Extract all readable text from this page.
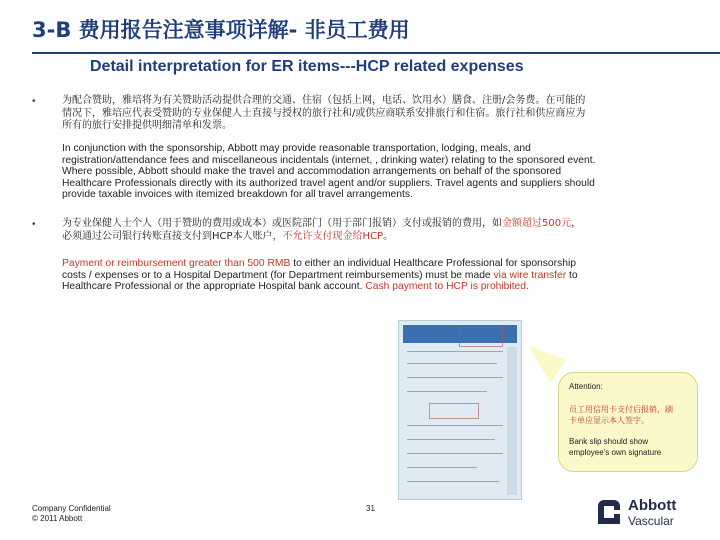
3-B 费用报告注意事项详解- 非员工费用
Detail interpretation for ER items---HCP related expenses
•	为配合赞助，雅培将为有关赞助活动提供合理的交通、住宿（包括上网，电话、饮用水）膳食、注册/会务费。在可能的
情况下，雅培应代表受赞助的专业保健人士直接与授权的旅行社和/或供应商联系安排旅行和住宿。旅行社和供应商应为
所有的旅行安排提供明细清单和发票。
In conjunction with the sponsorship, Abbott may provide reasonable transportation, lodging, meals, and
registration/attendance fees and miscellaneous incidentals (internet, , drinking water) relating to the sponsored event.
Where possible, Abbott should make the travel and accommodation arrangements on behalf of the sponsored
Healthcare Professionals directly with its authorized travel agent and/or suppliers. Travel agents and suppliers should
provide taxable invoices with itemized breakdown for all travel arrangements.
•	为专业保健人士个人（用于赞助的费用或成本）或医院部门（用于部门报销）支付或报销的费用，如金额超过500元，
必须通过公司银行转账直接支付到HCP本人账户，不允许支付现金给HCP。
Payment or reimbursement greater than 500 RMB to either an individual Healthcare Professional for sponsorship
costs / expenses or to a Hospital Department (for Department reimbursements) must be made via wire transfer to
Healthcare Professional or the appropriate Hospital bank account. Cash payment to HCP is prohibited.
Attention:
员工用信用卡支付后报销，刷
卡单应显示本人签字。
Bank slip should show
employee's own signature
Company Confidential
© 2011 Abbott
31	Abbott
Vascular
